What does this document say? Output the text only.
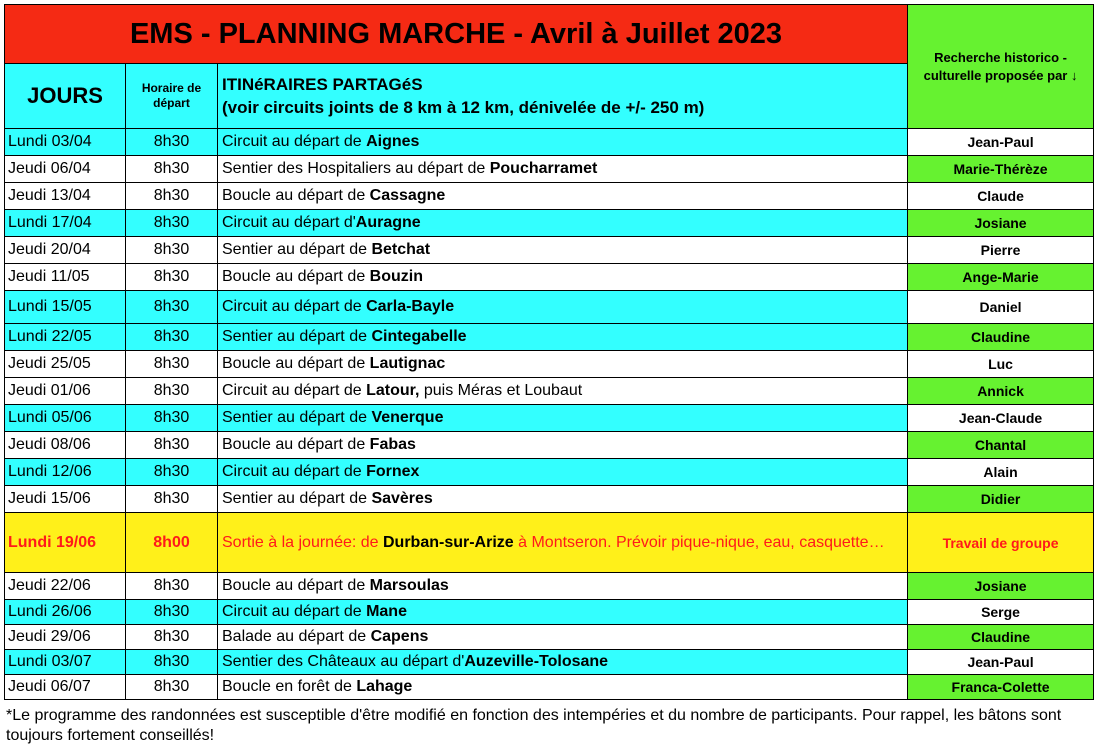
EMS - PLANNING MARCHE - Avril à Juillet 2023			Recherche historico - culturelle proposée par ↓
JOURS	Horaire de départ	ITINéRAIRES PARTAGéS
(voir circuits joints de 8 km à 12 km, dénivelée de +/- 250 m)	

Lundi 03/04	8h30	Circuit au départ de Aignes	Jean-Paul
Jeudi 06/04	8h30	Sentier des Hospitaliers au départ de Poucharramet	Marie-Thérèze
Jeudi 13/04	8h30	Boucle au départ de Cassagne	Claude
Lundi 17/04	8h30	Circuit au départ d'Auragne	Josiane
Jeudi 20/04	8h30	Sentier au départ de Betchat	Pierre
Jeudi 11/05	8h30	Boucle au départ de Bouzin	Ange-Marie
Lundi 15/05	8h30	Circuit au départ de Carla-Bayle	Daniel
Lundi 22/05	8h30	Sentier au départ de Cintegabelle	Claudine
Jeudi 25/05	8h30	Boucle au départ de Lautignac	Luc
Jeudi 01/06	8h30	Circuit au départ de Latour, puis Méras et Loubaut	Annick
Lundi 05/06	8h30	Sentier au départ de Venerque	Jean-Claude
Jeudi 08/06	8h30	Boucle au départ de Fabas	Chantal
Lundi 12/06	8h30	Circuit au départ de Fornex	Alain
Jeudi 15/06	8h30	Sentier au départ de Savères	Didier
Lundi 19/06	8h00	Sortie à la journée: de Durban-sur-Arize à Montseron. Prévoir pique-nique, eau, casquette…	Travail de groupe
Jeudi 22/06	8h30	Boucle au départ de Marsoulas	Josiane
Lundi 26/06	8h30	Circuit au départ de Mane	Serge
Jeudi 29/06	8h30	Balade au départ de Capens	Claudine
Lundi 03/07	8h30	Sentier des Châteaux au départ d'Auzeville-Tolosane	Jean-Paul
Jeudi 06/07	8h30	Boucle en forêt de Lahage	Franca-Colette
*Le programme des randonnées est susceptible d'être modifié en fonction des intempéries et du nombre de participants. Pour rappel, les bâtons sont toujours fortement conseillés!
